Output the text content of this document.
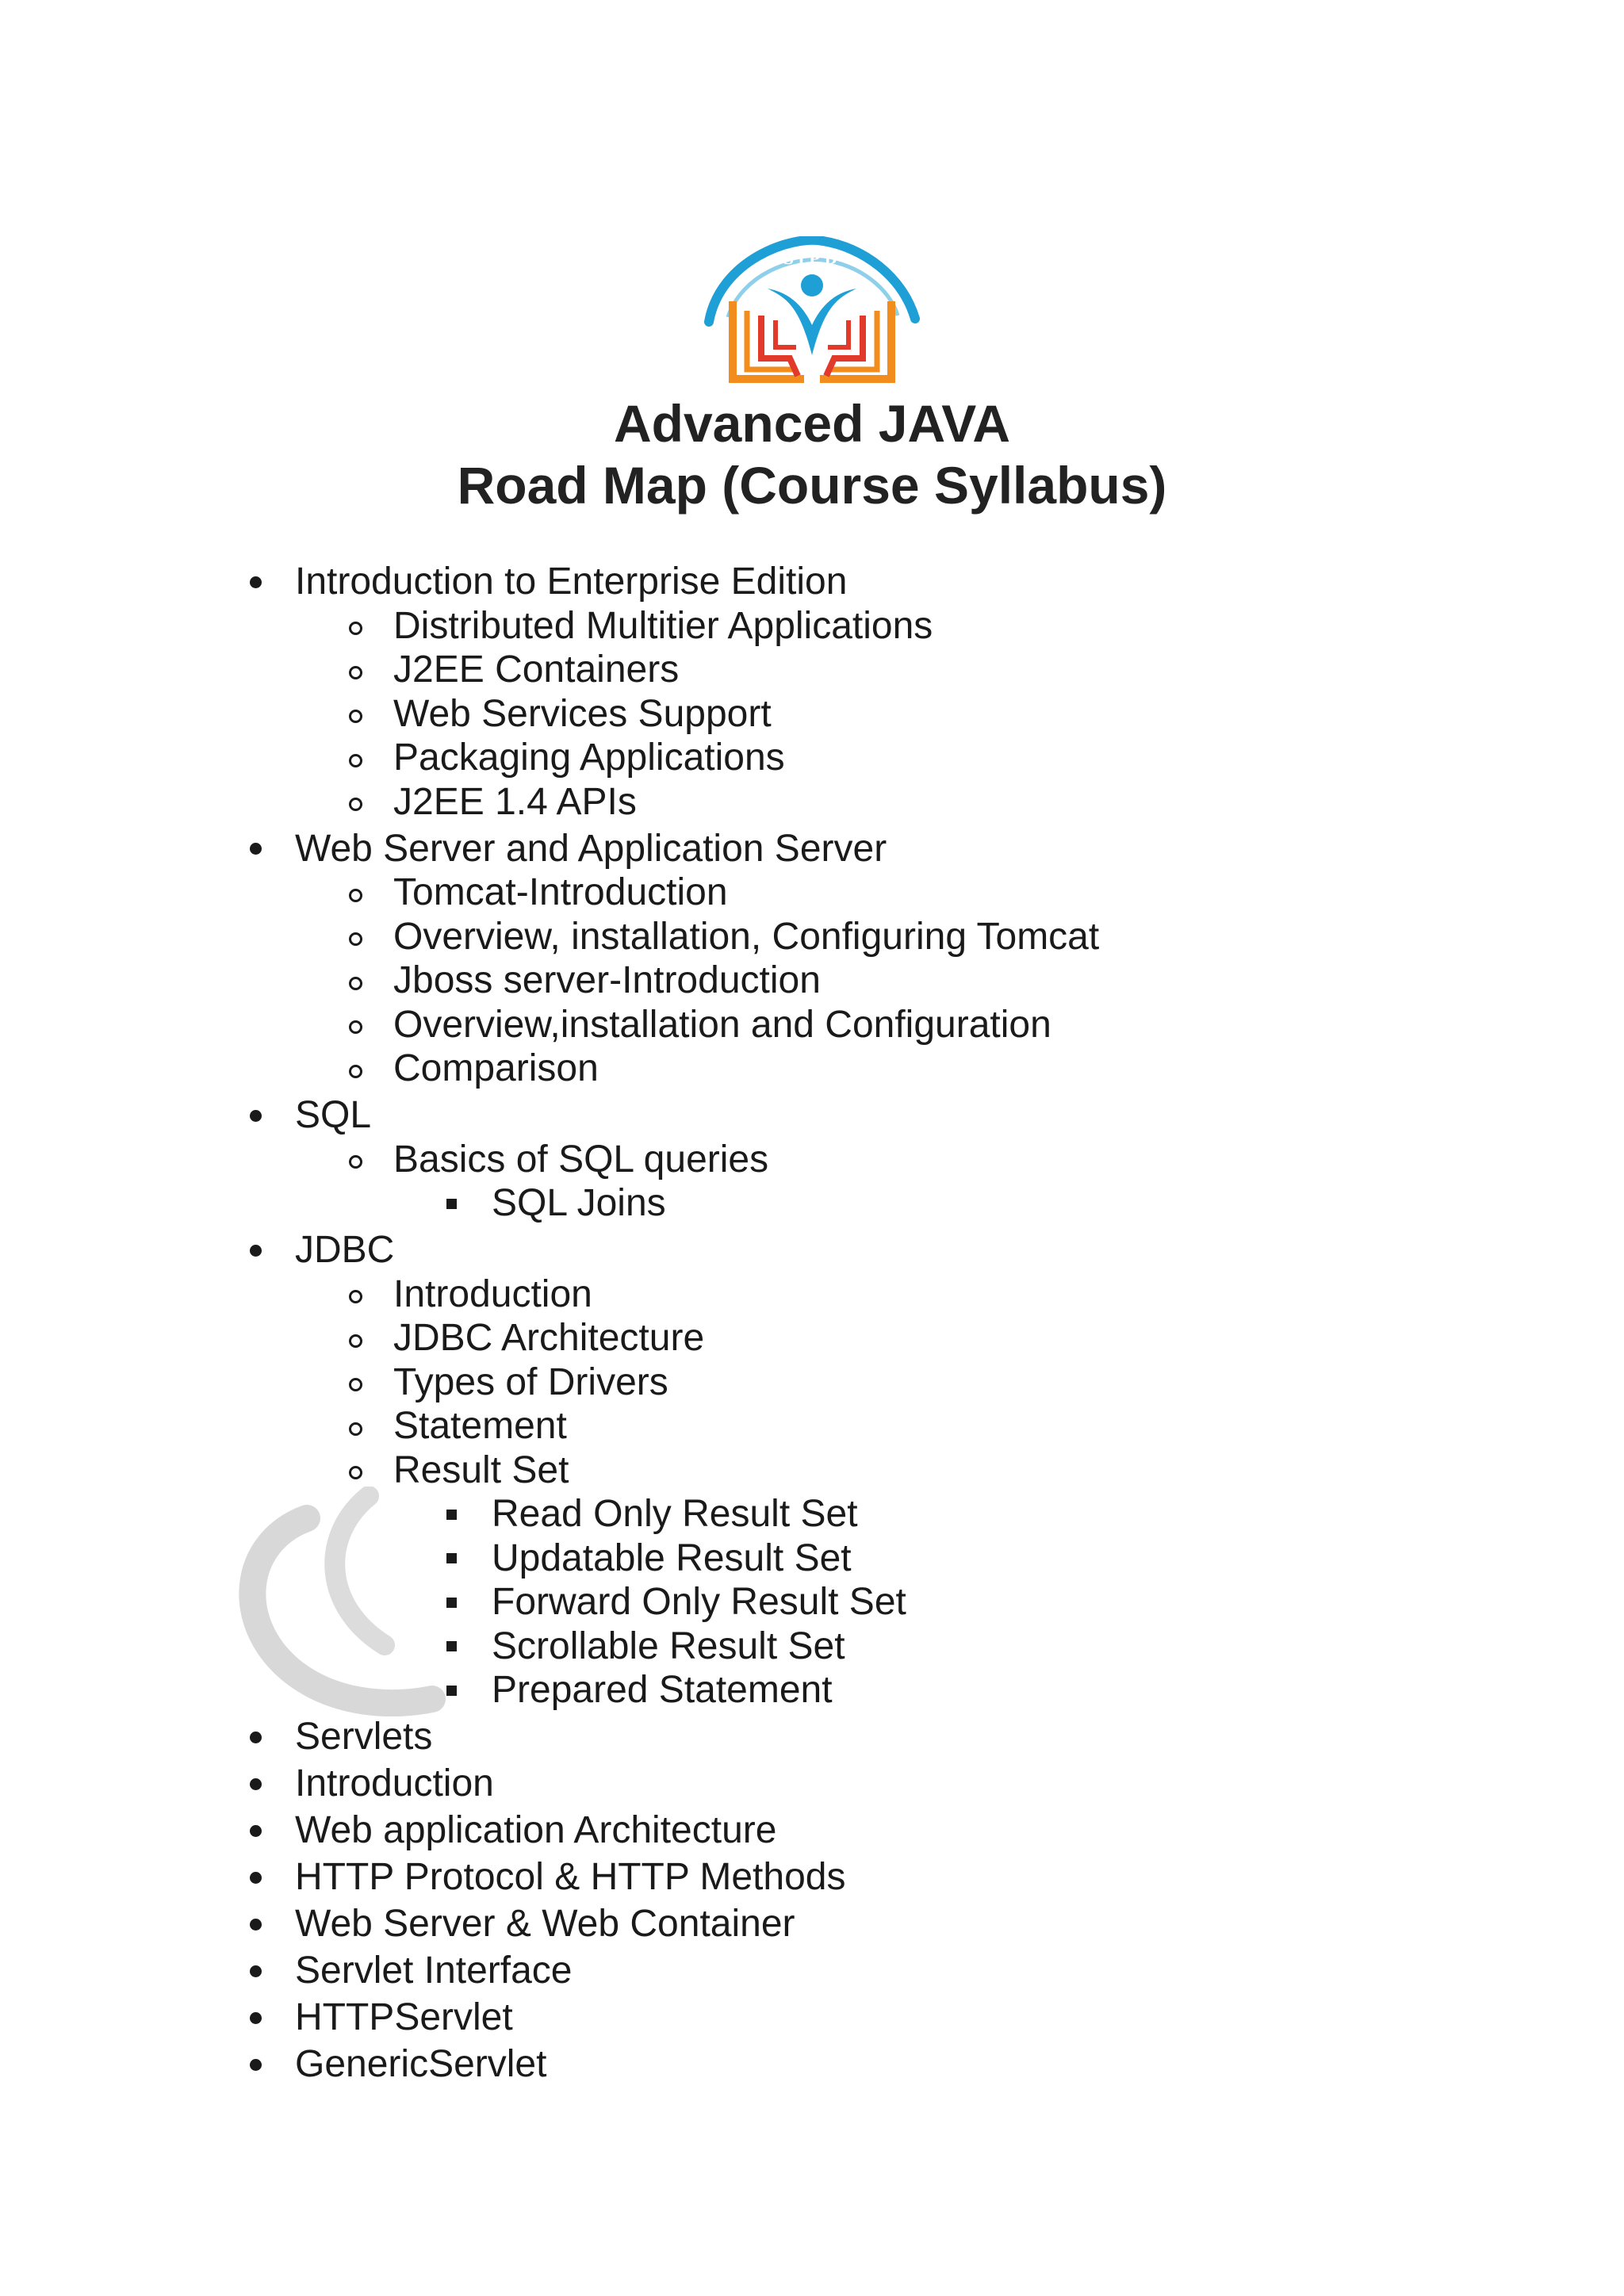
SIPD
Advanced JAVA
Road Map (Course Syllabus)
Introduction to Enterprise Edition
Distributed Multitier Applications
J2EE Containers
Web Services Support
Packaging Applications
J2EE 1.4 APIs
Web Server and Application Server
Tomcat-Introduction
Overview, installation, Configuring Tomcat
Jboss server-Introduction
Overview,installation and Configuration
Comparison
SQL
Basics of SQL queries
SQL Joins
JDBC
Introduction
JDBC Architecture
Types of Drivers
Statement
Result Set
Read Only Result Set
Updatable Result Set
Forward Only Result Set
Scrollable Result Set
Prepared Statement
Servlets
Introduction
Web application Architecture
HTTP Protocol & HTTP Methods
Web Server & Web Container
Servlet Interface
HTTPServlet
GenericServlet
